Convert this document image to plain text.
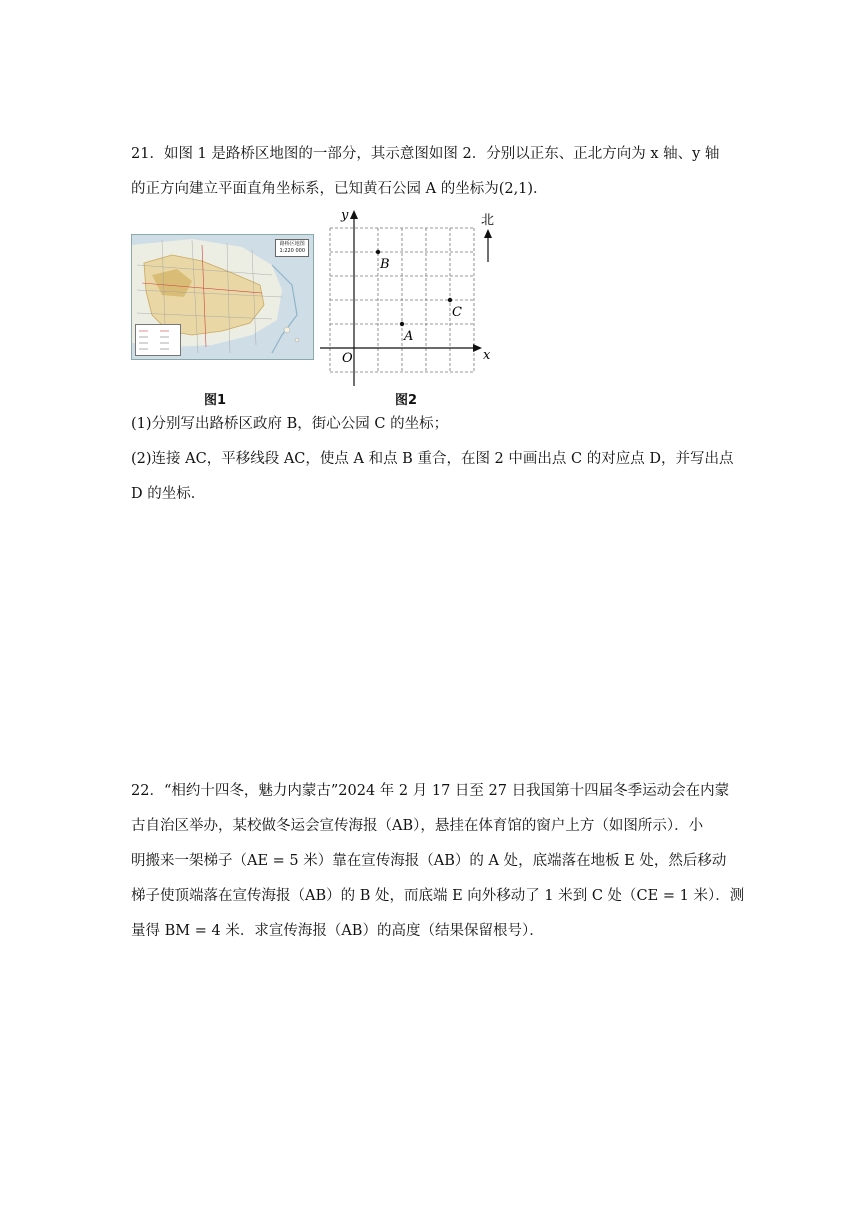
21．如图 1 是路桥区地图的一部分，其示意图如图 2．分别以正东、正北方向为 x 轴、y 轴
的正方向建立平面直角坐标系，已知黄石公园 A 的坐标为(2,1)．
路桥区地图
1:220 000
x
y
O
北
A
B
C
图1	图2
(1)分别写出路桥区政府 B，街心公园 C 的坐标；
(2)连接 AC，平移线段 AC，使点 A 和点 B 重合，在图 2 中画出点 C 的对应点 D，并写出点
D 的坐标．
22．“相约十四冬，魅力内蒙古”2024 年 2 月 17 日至 27 日我国第十四届冬季运动会在内蒙
古自治区举办，某校做冬运会宣传海报（AB），悬挂在体育馆的窗户上方（如图所示）．小
明搬来一架梯子（AE = 5 米）靠在宣传海报（AB）的 A 处，底端落在地板 E 处，然后移动
梯子使顶端落在宣传海报（AB）的 B 处，而底端 E 向外移动了 1 米到 C 处（CE = 1 米）．测
量得 BM = 4 米．求宣传海报（AB）的高度（结果保留根号）．
